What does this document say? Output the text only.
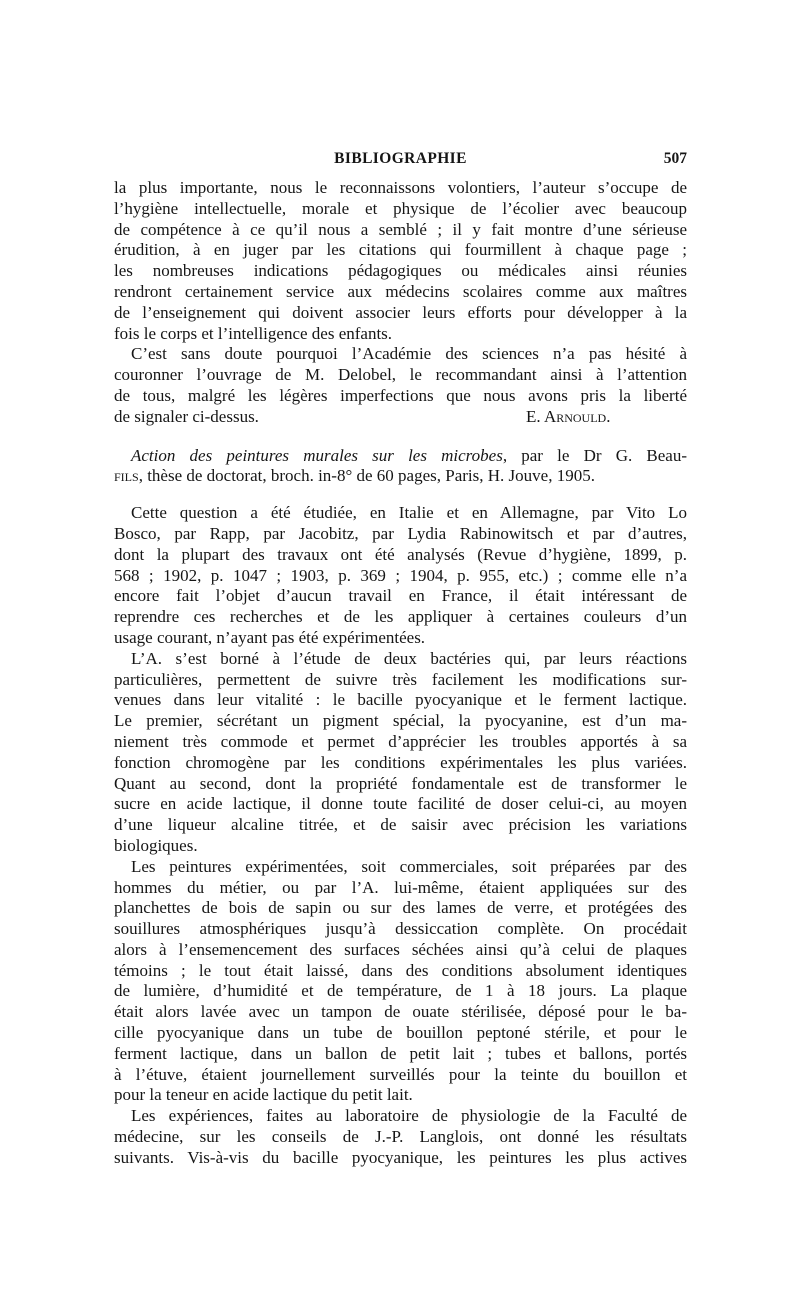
BIBLIOGRAPHIE	507
la plus importante, nous le reconnaissons volontiers, l’auteur s’occupe de
l’hygiène intellectuelle, morale et physique de l’écolier avec beaucoup
de compétence à ce qu’il nous a semblé ; il y fait montre d’une sérieuse
érudition, à en juger par les citations qui fourmillent à chaque page ;
les nombreuses indications pédagogiques ou médicales ainsi réunies
rendront certainement service aux médecins scolaires comme aux maîtres
de l’enseignement qui doivent associer leurs efforts pour développer à la
fois le corps et l’intelligence des enfants.
C’est sans doute pourquoi l’Académie des sciences n’a pas hésité à
couronner l’ouvrage de M. Delobel, le recommandant ainsi à l’attention
de tous, malgré les légères imperfections que nous avons pris la liberté
de signaler ci-dessus.	E. Arnould.
Action des peintures murales sur les microbes, par le Dr G. Beau-
fils, thèse de doctorat, broch. in-8° de 60 pages, Paris, H. Jouve, 1905.
Cette question a été étudiée, en Italie et en Allemagne, par Vito Lo
Bosco, par Rapp, par Jacobitz, par Lydia Rabinowitsch et par d’autres,
dont la plupart des travaux ont été analysés (Revue d’hygiène, 1899, p.
568 ; 1902, p. 1047 ; 1903, p. 369 ; 1904, p. 955, etc.) ; comme elle n’a
encore fait l’objet d’aucun travail en France, il était intéressant de
reprendre ces recherches et de les appliquer à certaines couleurs d’un
usage courant, n’ayant pas été expérimentées.
L’A. s’est borné à l’étude de deux bactéries qui, par leurs réactions
particulières, permettent de suivre très facilement les modifications sur-
venues dans leur vitalité : le bacille pyocyanique et le ferment lactique.
Le premier, sécrétant un pigment spécial, la pyocyanine, est d’un ma-
niement très commode et permet d’apprécier les troubles apportés à sa
fonction chromogène par les conditions expérimentales les plus variées.
Quant au second, dont la propriété fondamentale est de transformer le
sucre en acide lactique, il donne toute facilité de doser celui-ci, au moyen
d’une liqueur alcaline titrée, et de saisir avec précision les variations
biologiques.
Les peintures expérimentées, soit commerciales, soit préparées par des
hommes du métier, ou par l’A. lui-même, étaient appliquées sur des
planchettes de bois de sapin ou sur des lames de verre, et protégées des
souillures atmosphériques jusqu’à dessiccation complète. On procédait
alors à l’ensemencement des surfaces séchées ainsi qu’à celui de plaques
témoins ; le tout était laissé, dans des conditions absolument identiques
de lumière, d’humidité et de température, de 1 à 18 jours. La plaque
était alors lavée avec un tampon de ouate stérilisée, déposé pour le ba-
cille pyocyanique dans un tube de bouillon peptoné stérile, et pour le
ferment lactique, dans un ballon de petit lait ; tubes et ballons, portés
à l’étuve, étaient journellement surveillés pour la teinte du bouillon et
pour la teneur en acide lactique du petit lait.
Les expériences, faites au laboratoire de physiologie de la Faculté de
médecine, sur les conseils de J.-P. Langlois, ont donné les résultats
suivants. Vis-à-vis du bacille pyocyanique, les peintures les plus actives
